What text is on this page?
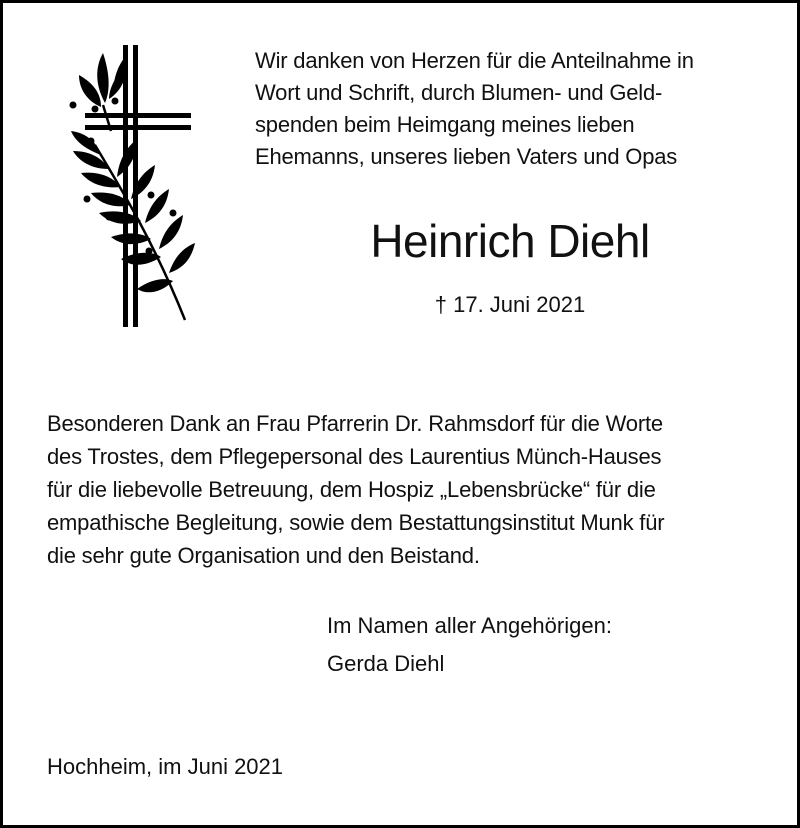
Wir danken von Herzen für die Anteilnahme in
Wort und Schrift, durch Blumen- und Geld-
spenden beim Heimgang meines lieben
Ehemanns, unseres lieben Vaters und Opas
Heinrich Diehl
† 17. Juni 2021
Besonderen Dank an Frau Pfarrerin Dr. Rahmsdorf für die Worte
des Trostes, dem Pflegepersonal des Laurentius Münch-Hauses
für die liebevolle Betreuung, dem Hospiz „Lebensbrücke“ für die
empathische Begleitung, sowie dem Bestattungsinstitut Munk für
die sehr gute Organisation und den Beistand.
Im Namen aller Angehörigen:
Gerda Diehl
Hochheim, im Juni 2021
